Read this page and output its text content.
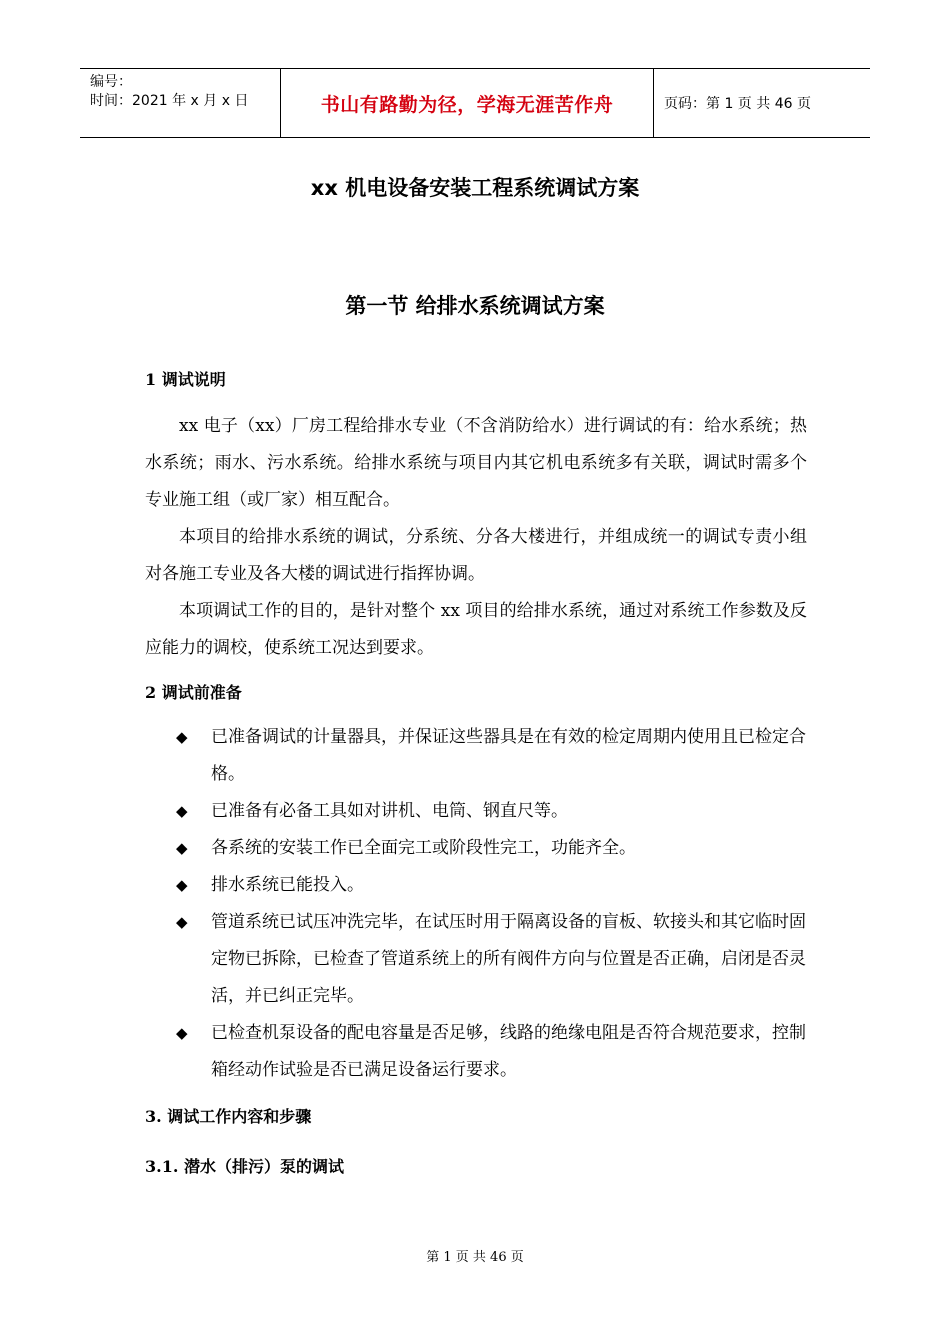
编号：
时间：2021 年 x 月 x 日	书山有路勤为径，学海无涯苦作舟	页码：第 1 页 共 46 页
xx 机电设备安装工程系统调试方案
第一节 给排水系统调试方案

1 调试说明

xx 电子（xx）厂房工程给排水专业（不含消防给水）进行调试的有：给水系统；热水系统；雨水、污水系统。给排水系统与项目内其它机电系统多有关联，调试时需多个专业施工组（或厂家）相互配合。

本项目的给排水系统的调试，分系统、分各大楼进行，并组成统一的调试专责小组对各施工专业及各大楼的调试进行指挥协调。

本项调试工作的目的，是针对整个 xx 项目的给排水系统，通过对系统工作参数及反应能力的调校，使系统工况达到要求。

2 调试前准备

◆ 已准备调试的计量器具，并保证这些器具是在有效的检定周期内使用且已检定合格。
◆ 已准备有必备工具如对讲机、电筒、钢直尺等。
◆ 各系统的安装工作已全面完工或阶段性完工，功能齐全。
◆ 排水系统已能投入。
◆ 管道系统已试压冲洗完毕，在试压时用于隔离设备的盲板、软接头和其它临时固定物已拆除，已检查了管道系统上的所有阀件方向与位置是否正确，启闭是否灵活，并已纠正完毕。
◆ 已检查机泵设备的配电容量是否足够，线路的绝缘电阻是否符合规范要求，控制箱经动作试验是否已满足设备运行要求。

3. 调试工作内容和步骤

3.1. 潜水（排污）泵的调试

第 1 页 共 46 页
